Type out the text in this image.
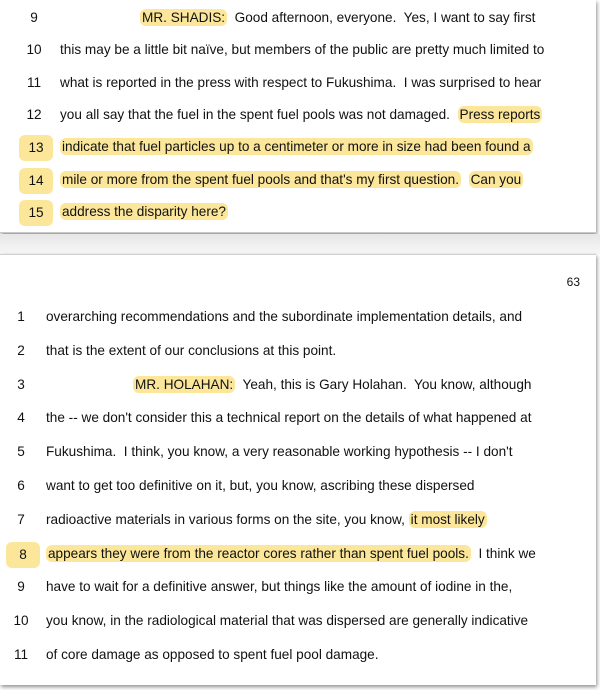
9	MR. SHADIS:  Good afternoon, everyone.  Yes, I want to say first
10	this may be a little bit naïve, but members of the public are pretty much limited to
11	what is reported in the press with respect to Fukushima.  I was surprised to hear
12	you all say that the fuel in the spent fuel pools was not damaged.  Press reports
13	indicate that fuel particles up to a centimeter or more in size had been found a
14	mile or more from the spent fuel pools and that's my first question. Can you
15	address the disparity here?
63
1	overarching recommendations and the subordinate implementation details, and
2	that is the extent of our conclusions at this point.
3	MR. HOLAHAN:  Yeah, this is Gary Holahan.  You know, although
4	the -- we don't consider this a technical report on the details of what happened at
5	Fukushima.  I think, you know, a very reasonable working hypothesis -- I don't
6	want to get too definitive on it, but, you know, ascribing these dispersed
7	radioactive materials in various forms on the site, you know, it most likely
8	appears they were from the reactor cores rather than spent fuel pools.  I think we
9	have to wait for a definitive answer, but things like the amount of iodine in the,
10	you know, in the radiological material that was dispersed are generally indicative
11	of core damage as opposed to spent fuel pool damage.
